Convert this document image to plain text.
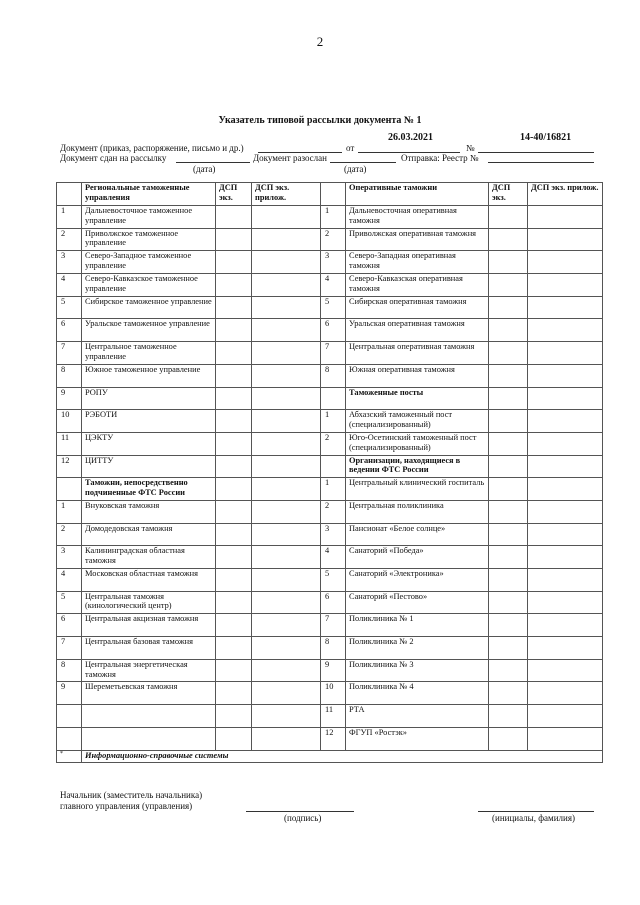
2
Указатель типовой рассылки документа № 1
26.03.2021	14-40/16821
Документ (приказ, распоряжение, письмо и др.)	от	№
Документ сдан на рассылку	Документ разослан	Отправка: Реестр №
(дата)	(дата)
	Региональные таможенные управления	ДСП экз.	ДСП экз. прилож.		Оперативные таможни	ДСП экз.	ДСП экз. прилож.
1	Дальневосточное таможенное управление			1	Дальневосточная оперативная таможня		
2	Приволжское таможенное управление			2	Приволжская оперативная таможня		
3	Северо-Западное таможенное управление			3	Северо-Западная оперативная таможня		
4	Северо-Кавказское таможенное управление			4	Северо-Кавказская оперативная таможня		
5	Сибирское таможенное управление			5	Сибирская оперативная таможня		
6	Уральское таможенное управление			6	Уральская оперативная таможня		
7	Центральное таможенное управление			7	Центральная оперативная таможня		
8	Южное таможенное управление			8	Южная оперативная таможня		
9	РОПУ				Таможенные посты		
10	РЭБОТИ			1	Абхазский таможенный пост (специализированный)		
11	ЦЭКТУ			2	Юго-Осетинский таможенный пост (специализированный)		
12	ЦИТТУ				Организации, находящиеся в ведении ФТС России		
	Таможни, непосредственно подчиненные ФТС России			1	Центральный клинический госпиталь		
1	Внуковская таможня			2	Центральная поликлиника		
2	Домодедовская таможня			3	Пансионат «Белое солнце»		
3	Калининградская областная таможня			4	Санаторий «Победа»		
4	Московская областная таможня			5	Санаторий «Электроника»		
5	Центральная таможня (кинологический центр)			6	Санаторий «Пестово»		
6	Центральная акцизная таможня			7	Поликлиника № 1		
7	Центральная базовая таможня			8	Поликлиника № 2		
8	Центральная энергетическая таможня			9	Поликлиника № 3		
9	Шереметьевская таможня			10	Поликлиника № 4		
				11	РТА		
				12	ФГУП «Ростэк»		
*	Информационно-справочные системы						
Начальник (заместитель начальника)
главного управления (управления)
(подпись)	(инициалы, фамилия)
